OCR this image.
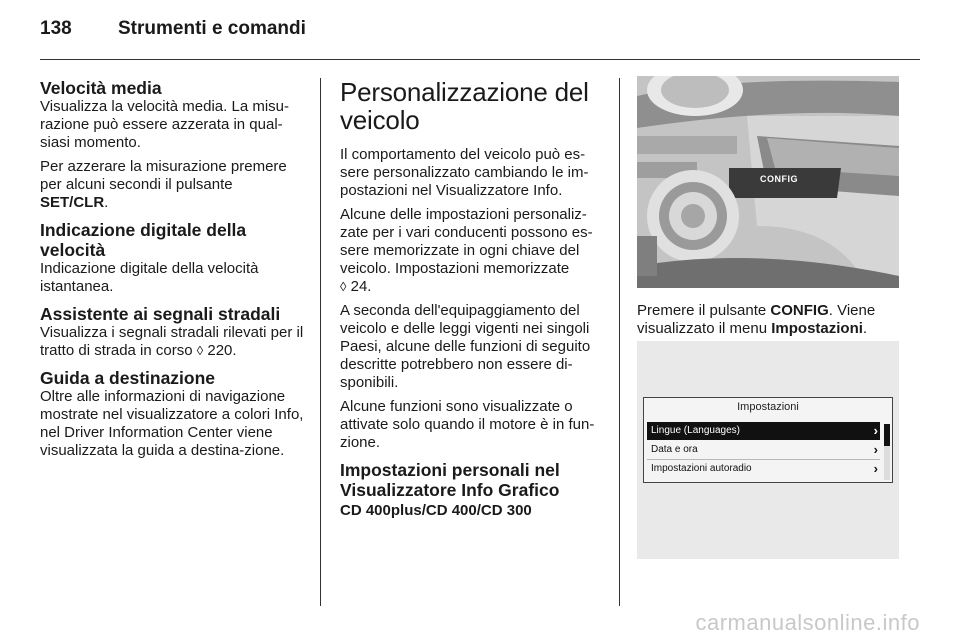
138 Strumenti e comandi
Velocità media

Visualizza la velocità media. La misu-razione può essere azzerata in qual-siasi momento.

Per azzerare la misurazione premere per alcuni secondi il pulsante
SET/CLR.

Indicazione digitale della velocità

Indicazione digitale della velocità istantanea.

Assistente ai segnali stradali

Visualizza i segnali stradali rilevati per il tratto di strada in corso ◊ 220.

Guida a destinazione

Oltre alle informazioni di navigazione mostrate nel visualizzatore a colori Info, nel Driver Information Center viene visualizzata la guida a destina-zione.

Personalizzazione del veicolo

Il comportamento del veicolo può es-sere personalizzato cambiando le im-postazioni nel Visualizzatore Info.

Alcune delle impostazioni personaliz-zate per i vari conducenti possono es-sere memorizzate in ogni chiave del veicolo. Impostazioni memorizzate
◊ 24.

A seconda dell'equipaggiamento del veicolo e delle leggi vigenti nei singoli Paesi, alcune delle funzioni di seguito descritte potrebbero non essere di-sponibili.

Alcune funzioni sono visualizzate o attivate solo quando il motore è in fun-zione.

Impostazioni personali nel Visualizzatore Info Grafico

CD 400plus/CD 400/CD 300

CONFIG
Premere il pulsante CONFIG. Viene visualizzato il menu Impostazioni.
Impostazioni
Lingue (Languages)	›
Data e ora	›
Impostazioni autoradio	›
carmanualsonline.info
